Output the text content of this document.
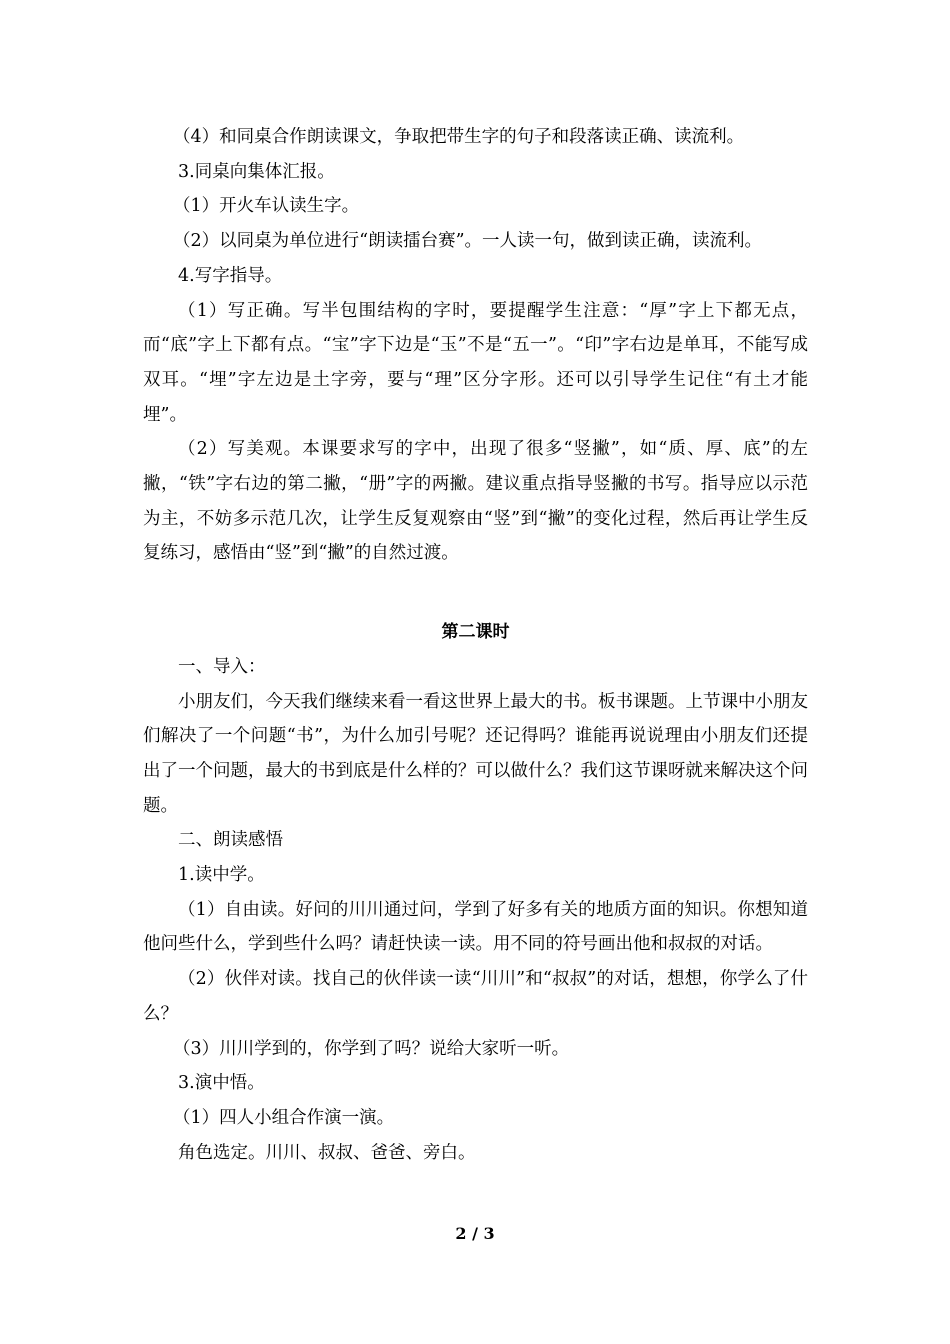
（4）和同桌合作朗读课文，争取把带生字的句子和段落读正确、读流利。

3.同桌向集体汇报。

（1）开火车认读生字。

（2）以同桌为单位进行“朗读擂台赛”。一人读一句，做到读正确，读流利。

4.写字指导。

（1）写正确。写半包围结构的字时，要提醒学生注意：“厚”字上下都无点，而“底”字上下都有点。“宝”字下边是“玉”不是“五一”。“印”字右边是单耳，不能写成双耳。“埋”字左边是土字旁，要与“理”区分字形。还可以引导学生记住“有土才能埋”。

（2）写美观。本课要求写的字中，出现了很多“竖撇”，如“质、厚、底”的左撇，“铁”字右边的第二撇，“册”字的两撇。建议重点指导竖撇的书写。指导应以示范为主，不妨多示范几次，让学生反复观察由“竖”到“撇”的变化过程，然后再让学生反复练习，感悟由“竖”到“撇”的自然过渡。

第二课时

一、导入：

小朋友们，今天我们继续来看一看这世界上最大的书。板书课题。上节课中小朋友们解决了一个问题“书”，为什么加引号呢？还记得吗？谁能再说说理由小朋友们还提出了一个问题，最大的书到底是什么样的？可以做什么？我们这节课呀就来解决这个问题。

二、朗读感悟

1.读中学。

（1）自由读。好问的川川通过问，学到了好多有关的地质方面的知识。你想知道他问些什么，学到些什么吗？请赶快读一读。用不同的符号画出他和叔叔的对话。

（2）伙伴对读。找自己的伙伴读一读“川川”和“叔叔”的对话，想想，你学么了什么？

（3）川川学到的，你学到了吗？说给大家听一听。

3.演中悟。

（1）四人小组合作演一演。

角色选定。川川、叔叔、爸爸、旁白。

2 / 3
